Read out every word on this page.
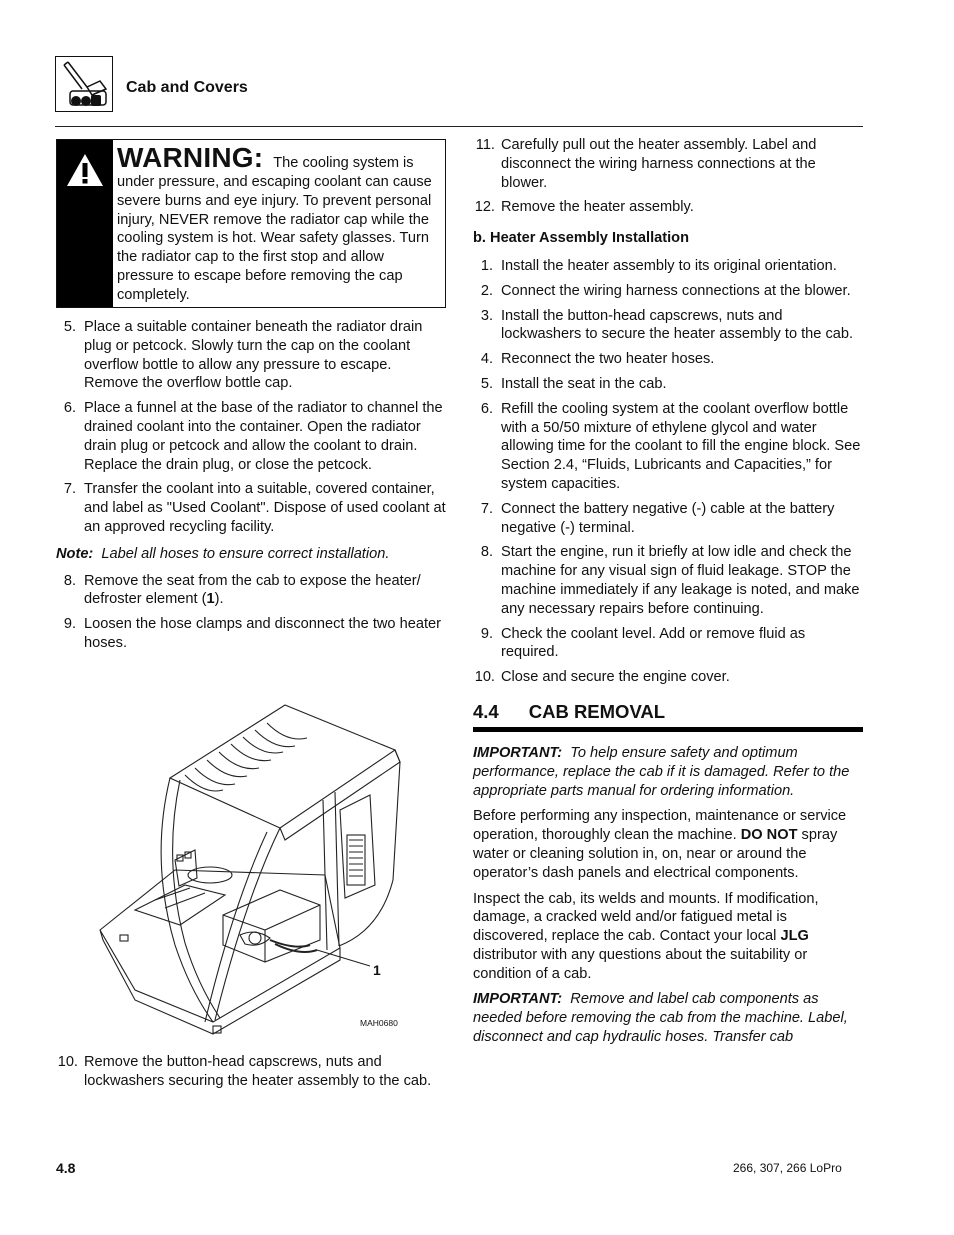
Cab and Covers
WARNING: The cooling system is under pressure, and escaping coolant can cause severe burns and eye injury. To prevent personal injury, NEVER remove the radiator cap while the cooling system is hot. Wear safety glasses. Turn the radiator cap to the first stop and allow pressure to escape before removing the cap completely.
5. Place a suitable container beneath the radiator drain plug or petcock. Slowly turn the cap on the coolant overflow bottle to allow any pressure to escape. Remove the overflow bottle cap.
6. Place a funnel at the base of the radiator to channel the drained coolant into the container. Open the radiator drain plug or petcock and allow the coolant to drain. Replace the drain plug, or close the petcock.
7. Transfer the coolant into a suitable, covered container, and label as "Used Coolant". Dispose of used coolant at an approved recycling facility.
Note: Label all hoses to ensure correct installation.
8. Remove the seat from the cab to expose the heater/ defroster element (1).
9. Loosen the hose clamps and disconnect the two heater hoses.
1
MAH0680
10. Remove the button-head capscrews, nuts and lockwashers securing the heater assembly to the cab.
11. Carefully pull out the heater assembly. Label and disconnect the wiring harness connections at the blower.
12. Remove the heater assembly.
b. Heater Assembly Installation
1. Install the heater assembly to its original orientation.
2. Connect the wiring harness connections at the blower.
3. Install the button-head capscrews, nuts and lockwashers to secure the heater assembly to the cab.
4. Reconnect the two heater hoses.
5. Install the seat in the cab.
6. Refill the cooling system at the coolant overflow bottle with a 50/50 mixture of ethylene glycol and water allowing time for the coolant to fill the engine block. See Section 2.4, “Fluids, Lubricants and Capacities,” for system capacities.
7. Connect the battery negative (-) cable at the battery negative (-) terminal.
8. Start the engine, run it briefly at low idle and check the machine for any visual sign of fluid leakage. STOP the machine immediately if any leakage is noted, and make any necessary repairs before continuing.
9. Check the coolant level. Add or remove fluid as required.
10. Close and secure the engine cover.
4.4 CAB REMOVAL
IMPORTANT: To help ensure safety and optimum performance, replace the cab if it is damaged. Refer to the appropriate parts manual for ordering information.
Before performing any inspection, maintenance or service operation, thoroughly clean the machine. DO NOT spray water or cleaning solution in, on, near or around the operator’s dash panels and electrical components.
Inspect the cab, its welds and mounts. If modification, damage, a cracked weld and/or fatigued metal is discovered, replace the cab. Contact your local JLG distributor with any questions about the suitability or condition of a cab.
IMPORTANT: Remove and label cab components as needed before removing the cab from the machine. Label, disconnect and cap hydraulic hoses. Transfer cab
4.8	266, 307, 266 LoPro
